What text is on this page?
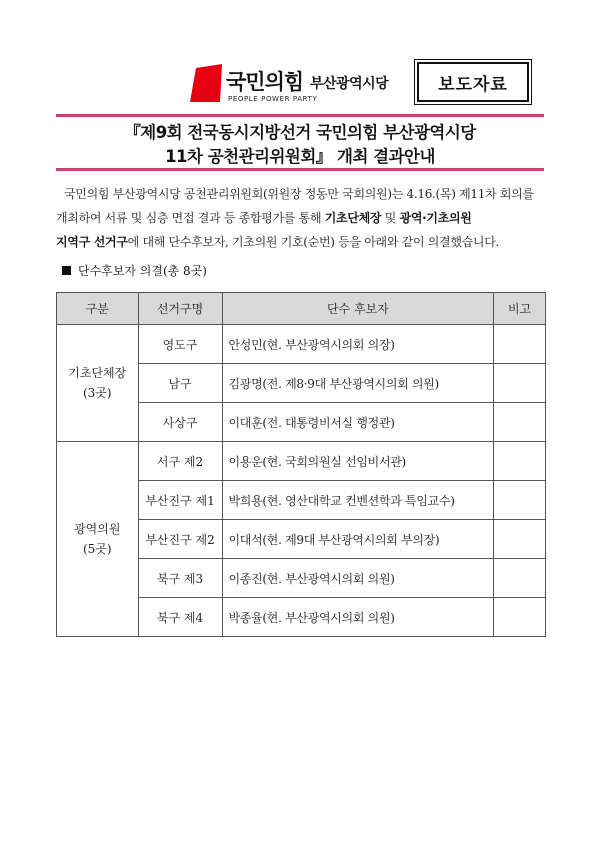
국민의힘 부산광역시당
PEOPLE POWER PARTY
보도자료
『제9회 전국동시지방선거 국민의힘 부산광역시당
11차 공천관리위원회』 개최 결과안내
국민의힘 부산광역시당 공천관리위원회(위원장 정동만 국회의원)는 4.16.(목) 제11차 회의를
개최하여 서류 및 심층 면접 결과 등 종합평가를 통해 기초단체장 및 광역·기초의원
지역구 선거구에 대해 단수후보자, 기초의원 기호(순번) 등을 아래와 같이 의결했습니다.
단수후보자 의결(총 8곳)
구분	선거구명	단수 후보자	비고
기초단체장
(3곳)	영도구	안성민(현. 부산광역시의회 의장)	
	남구	김광명(전. 제8·9대 부산광역시의회 의원)	
	사상구	이대훈(전. 대통령비서실 행정관)	
광역의원
(5곳)	서구 제2	이용운(현. 국회의원실 선임비서관)	
	부산진구 제1	박희용(현. 영산대학교 컨벤션학과 특임교수)	
	부산진구 제2	이대석(현. 제9대 부산광역시의회 부의장)	
	북구 제3	이종진(현. 부산광역시의회 의원)	
	북구 제4	박종율(현. 부산광역시의회 의원)	
